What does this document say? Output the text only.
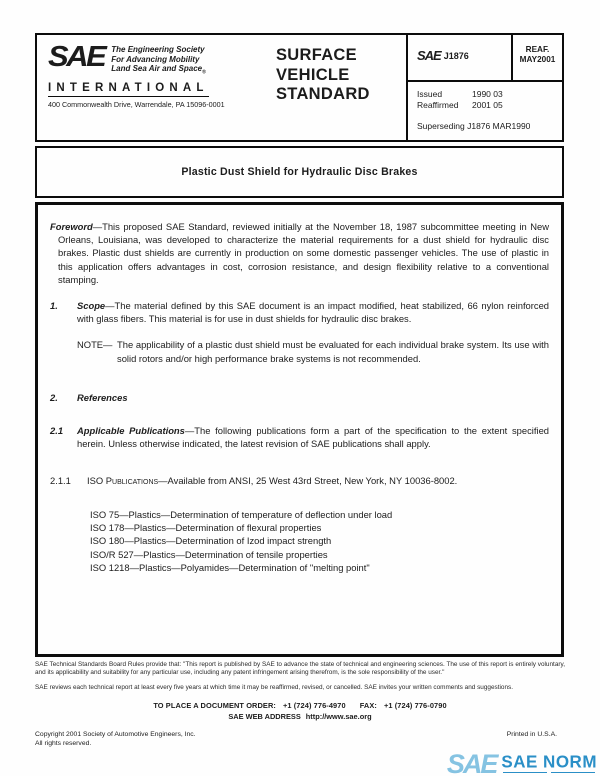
SAE The Engineering Society
For Advancing Mobility
Land Sea Air and Space$_®$
INTERNATIONAL
400 Commonwealth Drive, Warrendale, PA 15096-0001
SURFACE
VEHICLE
STANDARD
SAE J1876
REAF.
MAY2001
Issued	1990 03
Reaffirmed	2001 05
Superseding J1876 MAR1990
Plastic Dust Shield for Hydraulic Disc Brakes

Foreword—This proposed SAE Standard, reviewed initially at the November 18, 1987 subcommittee meeting in New Orleans, Louisiana, was developed to characterize the material requirements for a dust shield for hydraulic disc brakes. Plastic dust shields are currently in production on some domestic passenger vehicles. The use of plastic in this application offers advantages in cost, corrosion resistance, and design flexibility relative to a conventional stamping.

1. Scope—The material defined by this SAE document is an impact modified, heat stabilized, 66 nylon reinforced with glass fibers. This material is for use in dust shields for hydraulic disc brakes.

NOTE— The applicability of a plastic dust shield must be evaluated for each individual brake system. Its use with solid rotors and/or high performance brake systems is not recommended.

2. References

2.1 Applicable Publications—The following publications form a part of the specification to the extent specified herein. Unless otherwise indicated, the latest revision of SAE publications shall apply.

2.1.1 ISO Publications—Available from ANSI, 25 West 43rd Street, New York, NY 10036-8002.

ISO 75—Plastics—Determination of temperature of deflection under load
ISO 178—Plastics—Determination of flexural properties
ISO 180—Plastics—Determination of Izod impact strength
ISO/R 527—Plastics—Determination of tensile properties
ISO 1218—Plastics—Polyamides—Determination of "melting point"

SAE Technical Standards Board Rules provide that: "This report is published by SAE to advance the state of technical and engineering sciences. The use of this report is entirely voluntary, and its applicability and suitability for any particular use, including any patent infringement arising therefrom, is the sole responsibility of the user."

SAE reviews each technical report at least every five years at which time it may be reaffirmed, revised, or cancelled. SAE invites your written comments and suggestions.

TO PLACE A DOCUMENT ORDER: +1 (724) 776-4970 FAX: +1 (724) 776-0790
SAE WEB ADDRESS http://www.sae.org
Copyright 2001 Society of Automotive Engineers, Inc.
All rights reserved.
Printed in U.S.A.
SAE SAE NORM
